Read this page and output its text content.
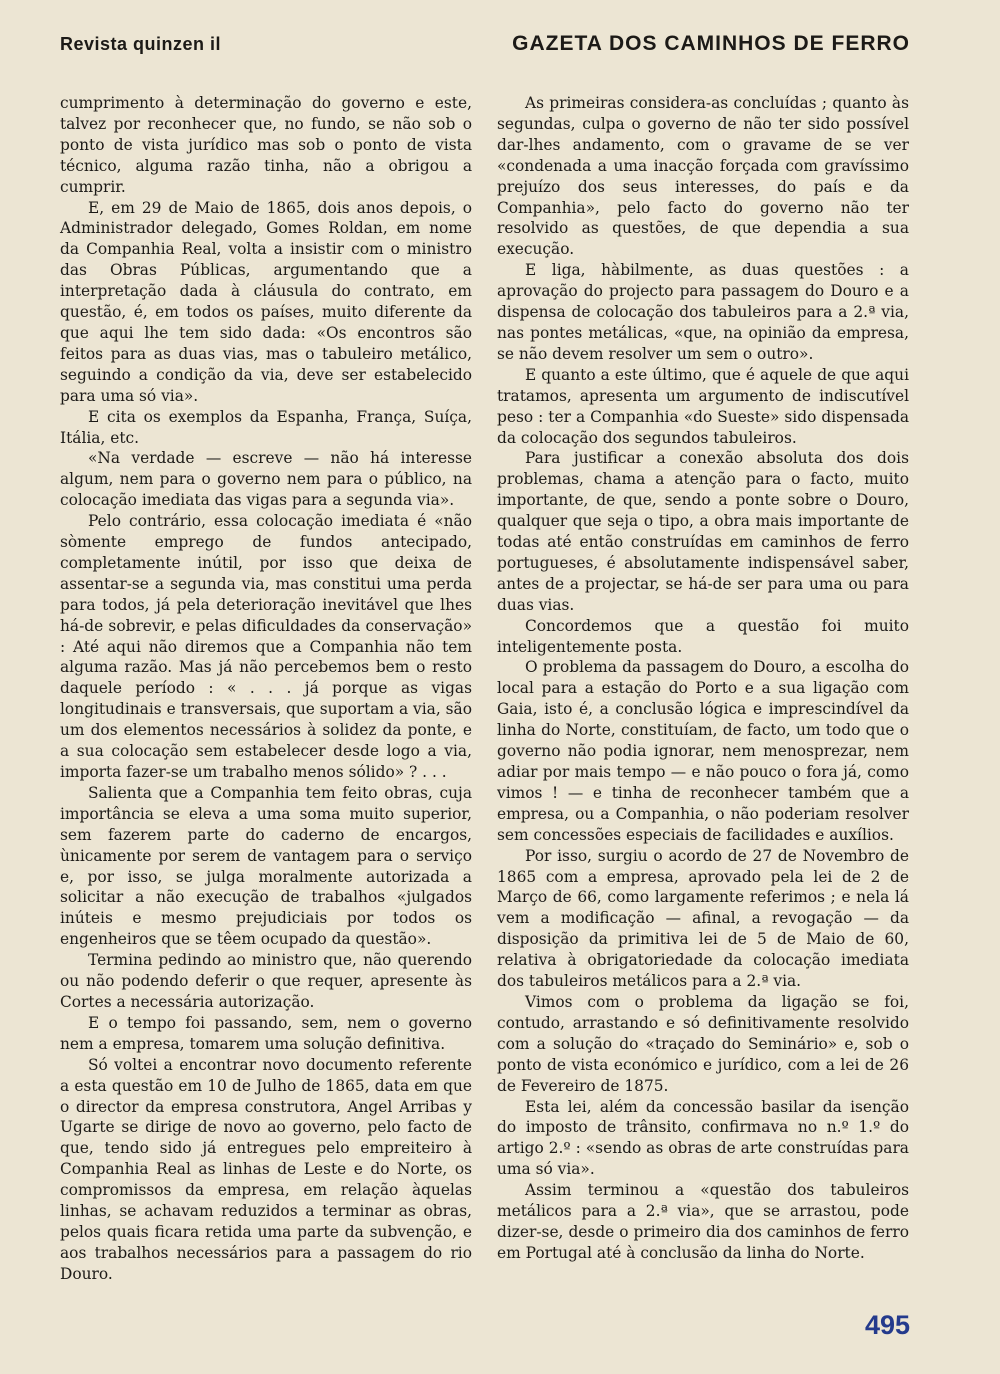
Revista quinzen il	GAZETA DOS CAMINHOS DE FERRO

cumprimento à determinação do governo e este, talvez por reconhecer que, no fundo, se não sob o ponto de vista jurídico mas sob o ponto de vista técnico, alguma razão tinha, não a obrigou a cumprir.

E, em 29 de Maio de 1865, dois anos depois, o Administrador delegado, Gomes Roldan, em nome da Companhia Real, volta a insistir com o ministro das Obras Públicas, argumentando que a interpretação dada à cláusula do contrato, em questão, é, em todos os países, muito diferente da que aqui lhe tem sido dada: «Os encontros são feitos para as duas vias, mas o tabuleiro metálico, seguindo a condição da via, deve ser estabelecido para uma só via».

E cita os exemplos da Espanha, França, Suíça, Itália, etc.

«Na verdade — escreve — não há interesse algum, nem para o governo nem para o público, na colocação imediata das vigas para a segunda via».

Pelo contrário, essa colocação imediata é «não sòmente emprego de fundos antecipado, completamente inútil, por isso que deixa de assentar-se a segunda via, mas constitui uma perda para todos, já pela deterioração inevitável que lhes há-de sobrevir, e pelas dificuldades da conservação» : Até aqui não diremos que a Companhia não tem alguma razão. Mas já não percebemos bem o resto daquele período : « . . . já porque as vigas longitudinais e transversais, que suportam a via, são um dos elementos necessários à solidez da ponte, e a sua colocação sem estabelecer desde logo a via, importa fazer-se um trabalho menos sólido» ? . . .

Salienta que a Companhia tem feito obras, cuja importância se eleva a uma soma muito superior, sem fazerem parte do caderno de encargos, ùnicamente por serem de vantagem para o serviço e, por isso, se julga moralmente autorizada a solicitar a não execução de trabalhos «julgados inúteis e mesmo prejudiciais por todos os engenheiros que se têem ocupado da questão».

Termina pedindo ao ministro que, não querendo ou não podendo deferir o que requer, apresente às Cortes a necessária autorização.

E o tempo foi passando, sem, nem o governo nem a empresa, tomarem uma solução definitiva.

Só voltei a encontrar novo documento referente a esta questão em 10 de Julho de 1865, data em que o director da empresa construtora, Angel Arribas y Ugarte se dirige de novo ao governo, pelo facto de que, tendo sido já entregues pelo empreiteiro à Companhia Real as linhas de Leste e do Norte, os compromissos da empresa, em relação àquelas linhas, se achavam reduzidos a terminar as obras, pelos quais ficara retida uma parte da subvenção, e aos trabalhos necessários para a passagem do rio Douro.

As primeiras considera-as concluídas ; quanto às segundas, culpa o governo de não ter sido possível dar-lhes andamento, com o gravame de se ver «condenada a uma inacção forçada com gravíssimo prejuízo dos seus interesses, do país e da Companhia», pelo facto do governo não ter resolvido as questões, de que dependia a sua execução.

E liga, hàbilmente, as duas questões : a aprovação do projecto para passagem do Douro e a dispensa de colocação dos tabuleiros para a 2.ª via, nas pontes metálicas, «que, na opinião da empresa, se não devem resolver um sem o outro».

E quanto a este último, que é aquele de que aqui tratamos, apresenta um argumento de indiscutível peso : ter a Companhia «do Sueste» sido dispensada da colocação dos segundos tabuleiros.

Para justificar a conexão absoluta dos dois problemas, chama a atenção para o facto, muito importante, de que, sendo a ponte sobre o Douro, qualquer que seja o tipo, a obra mais importante de todas até então construídas em caminhos de ferro portugueses, é absolutamente indispensável saber, antes de a projectar, se há-de ser para uma ou para duas vias.

Concordemos que a questão foi muito inteligentemente posta.

O problema da passagem do Douro, a escolha do local para a estação do Porto e a sua ligação com Gaia, isto é, a conclusão lógica e imprescindível da linha do Norte, constituíam, de facto, um todo que o governo não podia ignorar, nem menosprezar, nem adiar por mais tempo — e não pouco o fora já, como vimos ! — e tinha de reconhecer também que a empresa, ou a Companhia, o não poderiam resolver sem concessões especiais de facilidades e auxílios.

Por isso, surgiu o acordo de 27 de Novembro de 1865 com a empresa, aprovado pela lei de 2 de Março de 66, como largamente referimos ; e nela lá vem a modificação — afinal, a revogação — da disposição da primitiva lei de 5 de Maio de 60, relativa à obrigatoriedade da colocação imediata dos tabuleiros metálicos para a 2.ª via.

Vimos com o problema da ligação se foi, contudo, arrastando e só definitivamente resolvido com a solução do «traçado do Seminário» e, sob o ponto de vista económico e jurídico, com a lei de 26 de Fevereiro de 1875.

Esta lei, além da concessão basilar da isenção do imposto de trânsito, confirmava no n.º 1.º do artigo 2.º : «sendo as obras de arte construídas para uma só via».

Assim terminou a «questão dos tabuleiros metálicos para a 2.ª via», que se arrastou, pode dizer-se, desde o primeiro dia dos caminhos de ferro em Portugal até à conclusão da linha do Norte.

495
